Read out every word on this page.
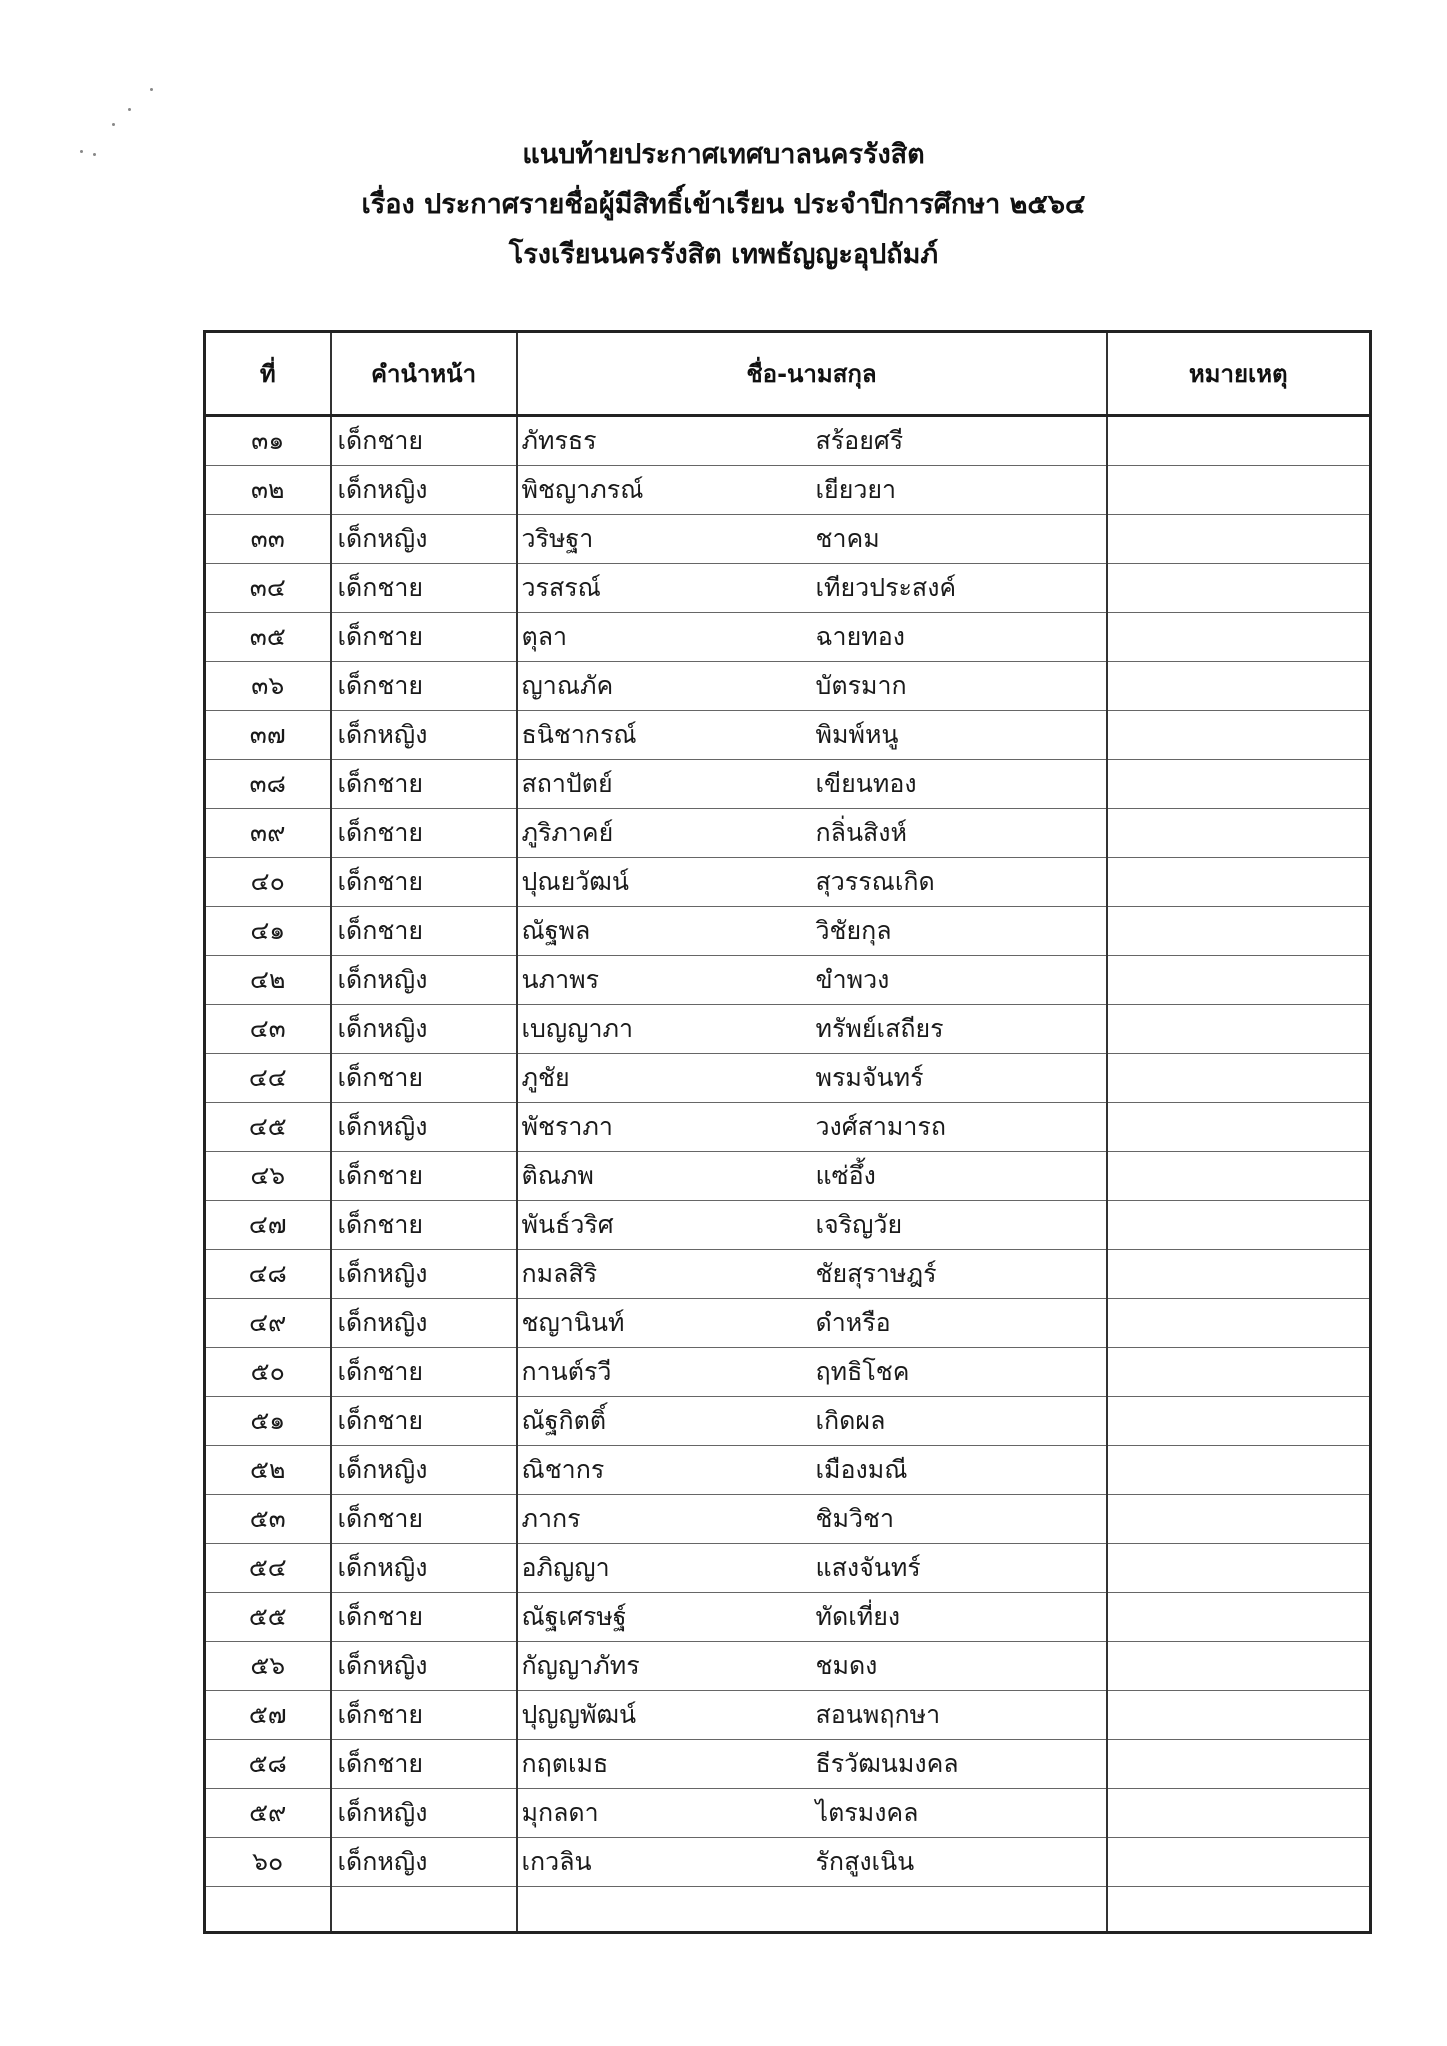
แนบท้ายประกาศเทศบาลนครรังสิต
เรื่อง ประกาศรายชื่อผู้มีสิทธิ์เข้าเรียน ประจำปีการศึกษา ๒๕๖๔
โรงเรียนนครรังสิต เทพธัญญะอุปถัมภ์
ที่	คำนำหน้า	ชื่อ-นามสกุล	หมายเหตุ
๓๑	เด็กชาย	ภัทรธร สร้อยศรี	

๓๒	เด็กหญิง	พิชญาภรณ์ เยียวยา	

๓๓	เด็กหญิง	วริษฐา ชาคม	

๓๔	เด็กชาย	วรสรณ์ เทียวประสงค์	

๓๕	เด็กชาย	ตุลา ฉายทอง	

๓๖	เด็กชาย	ญาณภัค บัตรมาก	

๓๗	เด็กหญิง	ธนิชากรณ์ พิมพ์หนู	

๓๘	เด็กชาย	สถาปัตย์ เขียนทอง	

๓๙	เด็กชาย	ภูริภาคย์ กลิ่นสิงห์	

๔๐	เด็กชาย	ปุณยวัฒน์ สุวรรณเกิด	

๔๑	เด็กชาย	ณัฐพล วิชัยกุล	

๔๒	เด็กหญิง	นภาพร ขำพวง	

๔๓	เด็กหญิง	เบญญาภา ทรัพย์เสถียร	

๔๔	เด็กชาย	ภูชัย พรมจันทร์	

๔๕	เด็กหญิง	พัชราภา วงศ์สามารถ	

๔๖	เด็กชาย	ติณภพ แซ่อึ้ง	

๔๗	เด็กชาย	พันธ์วริศ เจริญวัย	

๔๘	เด็กหญิง	กมลสิริ ชัยสุราษฎร์	

๔๙	เด็กหญิง	ชญานินท์ ดำหรือ	

๕๐	เด็กชาย	กานต์รวี ฤทธิโชค	

๕๑	เด็กชาย	ณัฐกิตติ์ เกิดผล	

๕๒	เด็กหญิง	ณิชากร เมืองมณี	

๕๓	เด็กชาย	ภากร ชิมวิชา	

๕๔	เด็กหญิง	อภิญญา แสงจันทร์	

๕๕	เด็กชาย	ณัฐเศรษฐ์ ทัดเที่ยง	

๕๖	เด็กหญิง	กัญญาภัทร ชมดง	

๕๗	เด็กชาย	ปุญญพัฒน์ สอนพฤกษา	

๕๘	เด็กชาย	กฤตเมธ ธีรวัฒนมงคล	

๕๙	เด็กหญิง	มุกลดา ไตรมงคล	

๖๐	เด็กหญิง	เกวลิน รักสูงเนิน	
